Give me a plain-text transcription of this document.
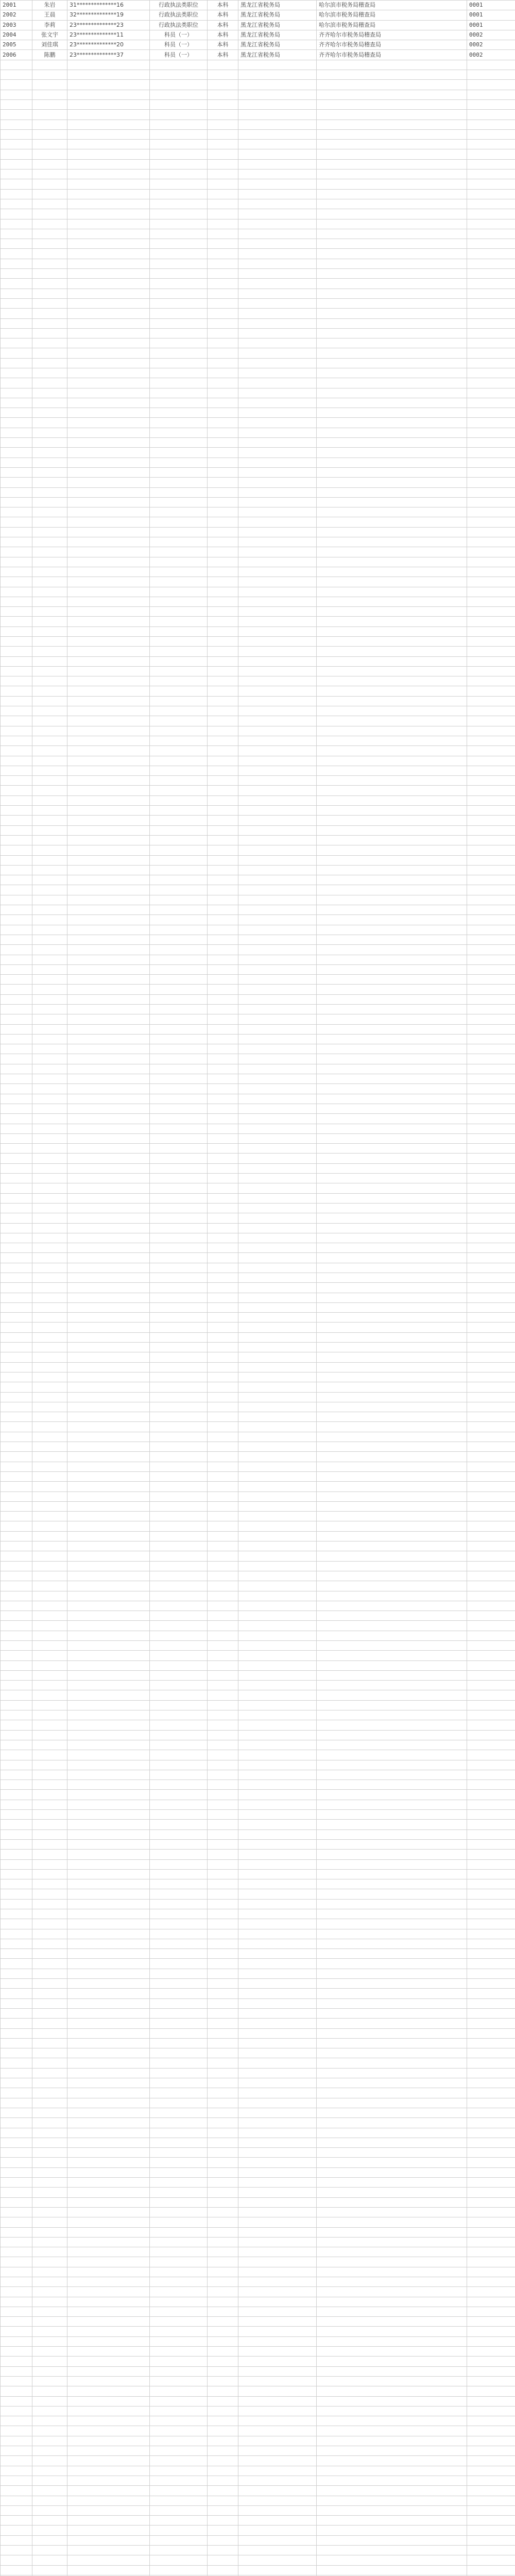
2001	朱岩	31**************16	行政执法类职位	本科	黑龙江省税务局	哈尔滨市税务局稽查局	0001
2002	王晨	32**************19	行政执法类职位	本科	黑龙江省税务局	哈尔滨市税务局稽查局	0001
2003	李莉	23**************23	行政执法类职位	本科	黑龙江省税务局	哈尔滨市税务局稽查局	0001
2004	张文宇	23**************11	科员（一）	本科	黑龙江省税务局	齐齐哈尔市税务局稽查局	0002
2005	刘佳琪	23**************20	科员（一）	本科	黑龙江省税务局	齐齐哈尔市税务局稽查局	0002
2006	陈鹏	23**************37	科员（一）	本科	黑龙江省税务局	齐齐哈尔市税务局稽查局	0002
